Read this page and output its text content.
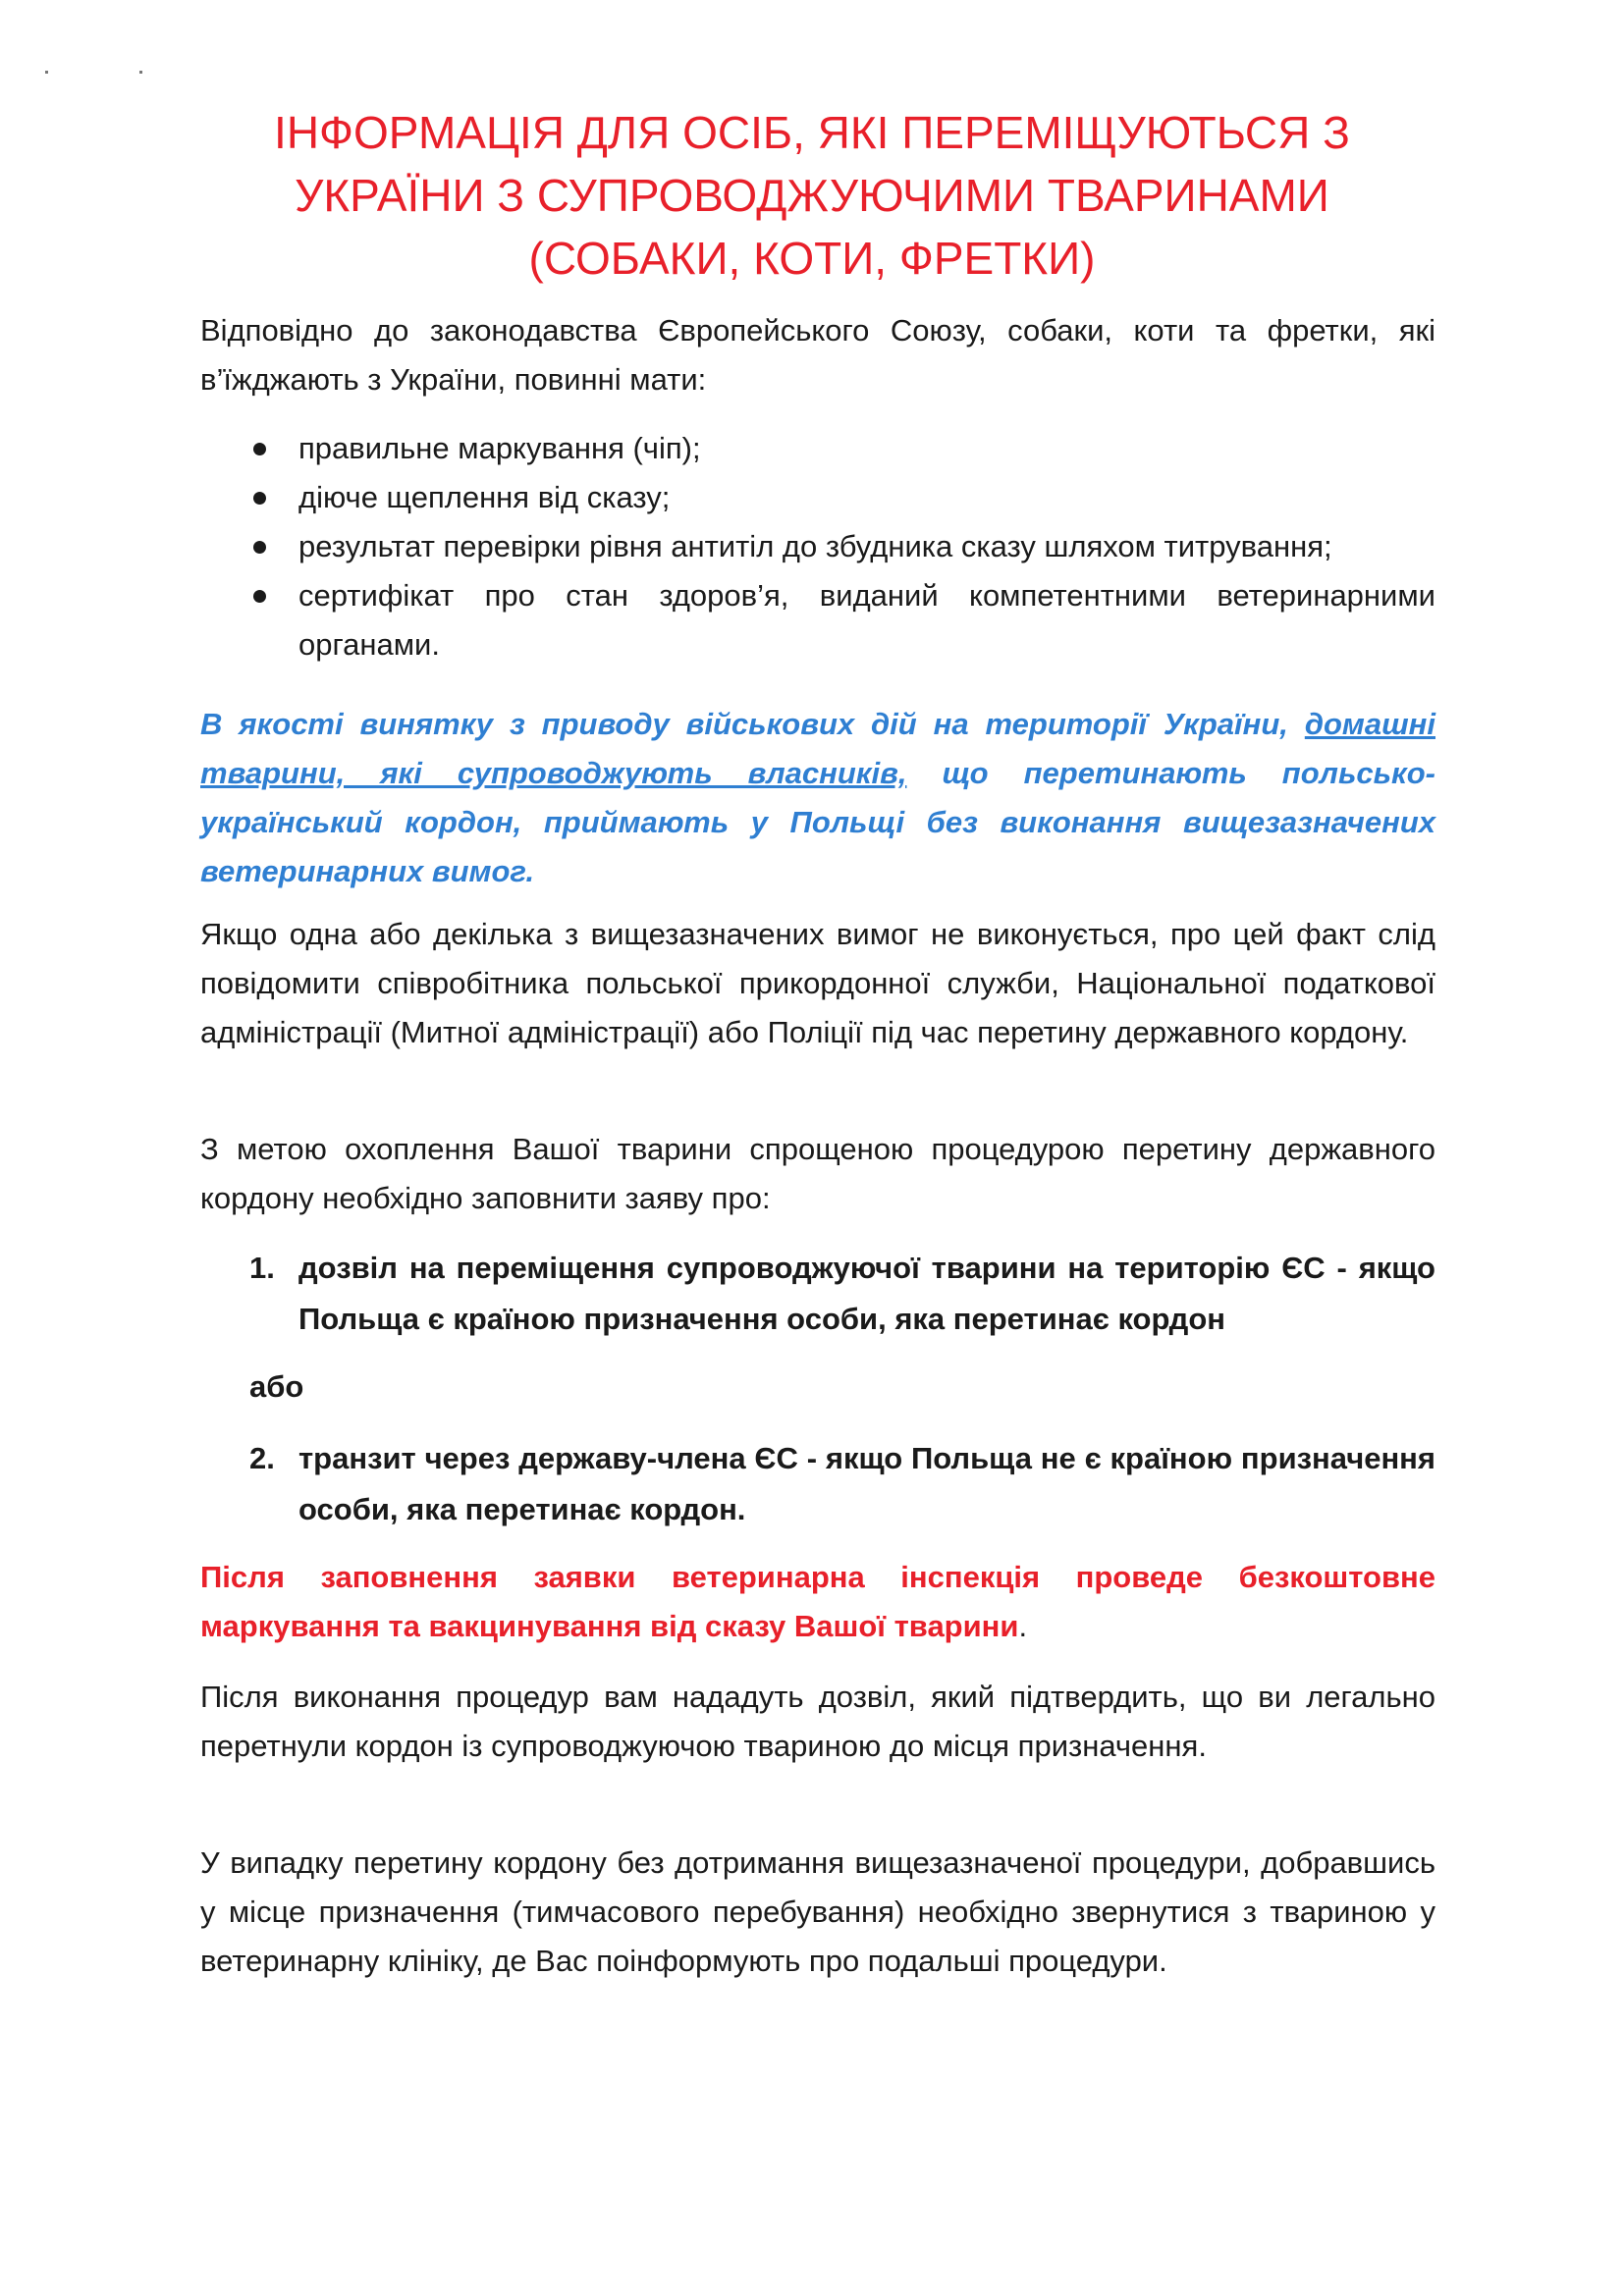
ІНФОРМАЦІЯ ДЛЯ ОСІБ, ЯКІ ПЕРЕМІЩУЮТЬСЯ З
УКРАЇНИ З СУПРОВОДЖУЮЧИМИ ТВАРИНАМИ
(СОБАКИ, КОТИ, ФРЕТКИ)
Відповідно до законодавства Європейського Союзу, собаки, коти та фретки, які
в’їжджають з України, повинні мати:
правильне маркування (чіп);
діюче щеплення від сказу;
результат перевірки рівня антитіл до збудника сказу шляхом титрування;
сертифікат про стан здоров’я, виданий компетентними ветеринарними органами.

В якості винятку з приводу військових дій на території України, домашні тварини, які супроводжують власників, що перетинають польсько-український кордон, приймають у Польщі без виконання вищезазначених ветеринарних вимог.

Якщо одна або декілька з вищезазначених вимог не виконується, про цей факт слід повідомити співробітника польської прикордонної служби, Національної податкової адміністрації (Митної адміністрації) або Поліції під час перетину державного кордону.

З метою охоплення Вашої тварини спрощеною процедурою перетину державного кордону необхідно заповнити заяву про:

1. дозвіл на переміщення супроводжуючої тварини на територію ЄС - якщо Польща є країною призначення особи, яка перетинає кордон
або
2. транзит через державу-члена ЄС - якщо Польща не є країною призначення особи, яка перетинає кордон.

Після заповнення заявки ветеринарна інспекція проведе безкоштовне маркування та вакцинування від сказу Вашої тварини.

Після виконання процедур вам нададуть дозвіл, який підтвердить, що ви легально перетнули кордон із супроводжуючою твариною до місця призначення.

У випадку перетину кордону без дотримання вищезазначеної процедури, добравшись у місце призначення (тимчасового перебування) необхідно звернутися з твариною у ветеринарну клініку, де Вас поінформують про подальші процедури.
